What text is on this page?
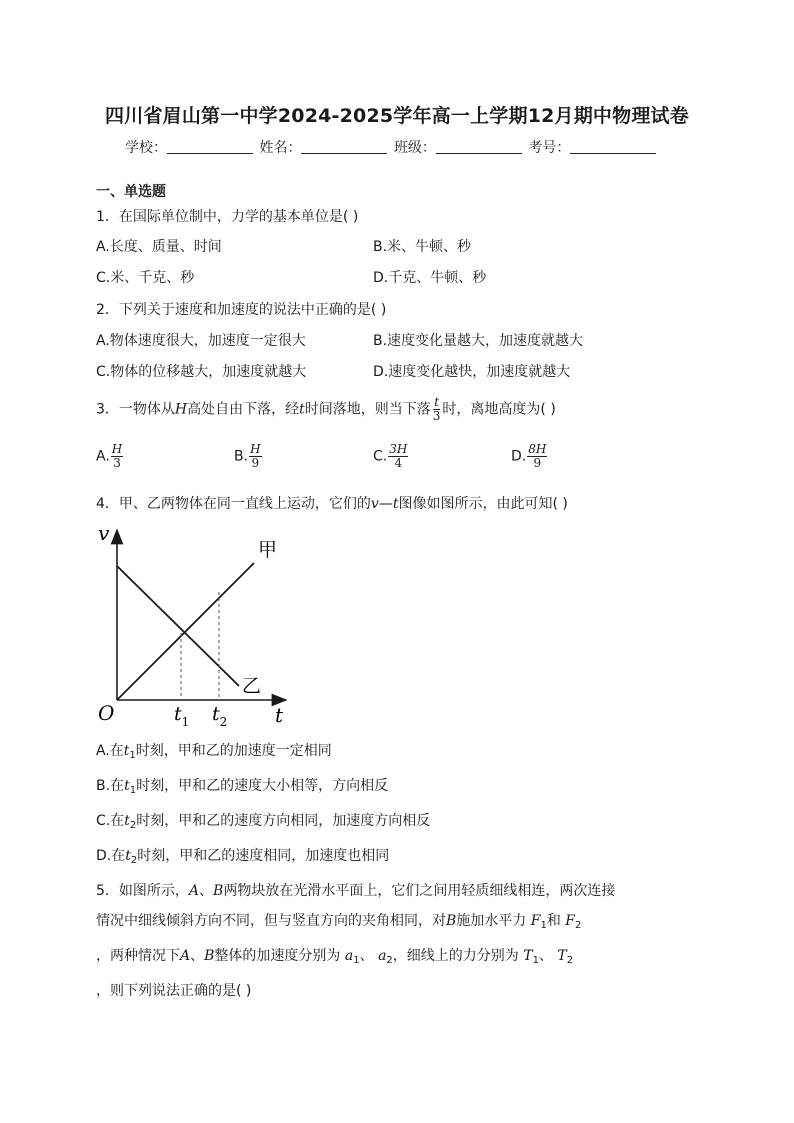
四川省眉山第一中学2024-2025学年高一上学期12月期中物理试卷
学校：	姓名：	班级：	考号：
一、单选题
1．在国际单位制中，力学的基本单位是( )
A.长度、质量、时间	B.米、牛顿、秒
C.米、千克、秒	D.千克、牛顿、秒
2．下列关于速度和加速度的说法中正确的是( )
A.物体速度很大，加速度一定很大	B.速度变化量越大，加速度就越大
C.物体的位移越大，加速度就越大	D.速度变化越快，加速度就越大
3．一物体从H高处自由下落，经t时间落地，则当下落 $\frac{t}{3}$ 时，离地高度为( )
A. $\frac{H}{3}$	B. $\frac{H}{9}$	C. $\frac{3H}{4}$	D. $\frac{8H}{9}$
4．甲、乙两物体在同一直线上运动，它们的v—t图像如图所示，由此可知( )
v
t
O
甲
乙
$t_1$ $t_2$
A.在$t_1$时刻，甲和乙的加速度一定相同
B.在$t_1$时刻，甲和乙的速度大小相等，方向相反
C.在$t_2$时刻，甲和乙的速度方向相同，加速度方向相反
D.在$t_2$时刻，甲和乙的速度相同，加速度也相同
5．如图所示，A、B两物块放在光滑水平面上，它们之间用轻质细线相连，两次连接
情况中细线倾斜方向不同，但与竖直方向的夹角相同，对B施加水平力 $F_1$和 $F_2$
，两种情况下A、B整体的加速度分别为 $a_1$、 $a_2$，细线上的力分别为 $T_1$、 $T_2$
，则下列说法正确的是( )
